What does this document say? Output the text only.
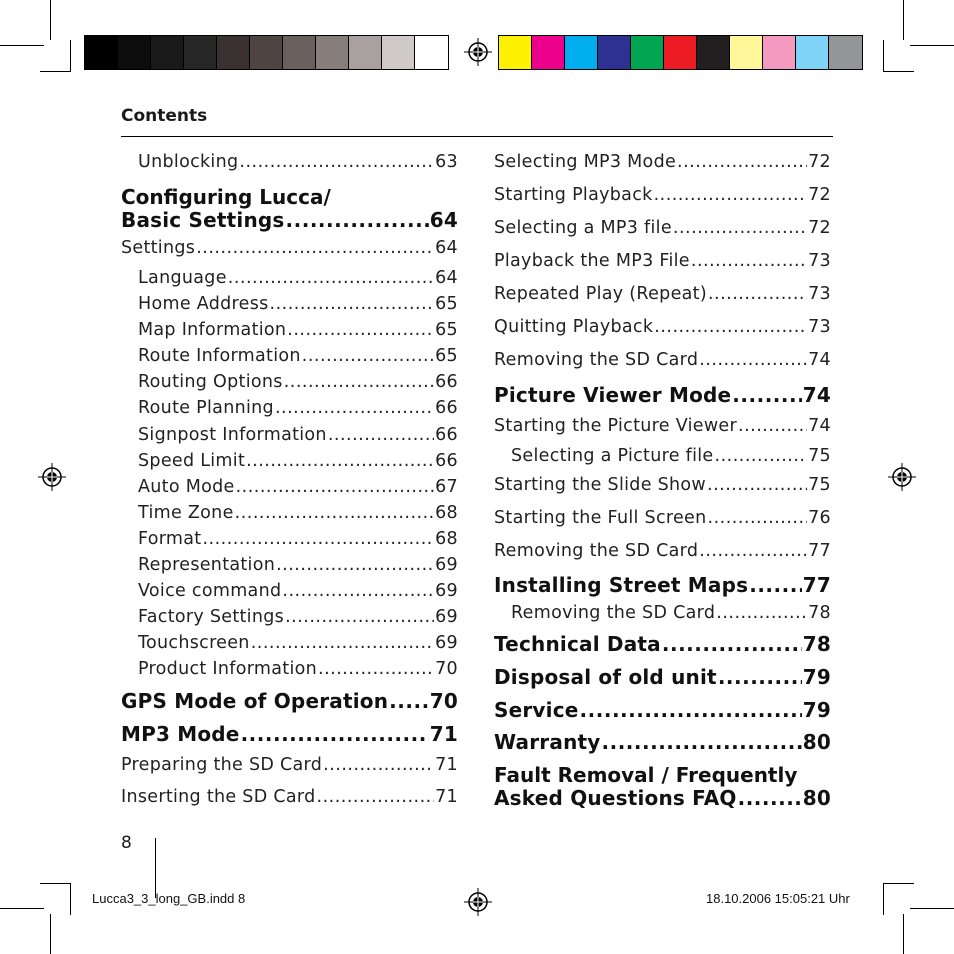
Contents
Unblocking .....	63
Configuring Lucca/
Basic Settings .....	64
Settings .....	64
Language .....	64
Home Address .....	65
Map Information .....	65
Route Information .....	65
Routing Options .....	66
Route Planning .....	66
Signpost Information .....	66
Speed Limit .....	66
Auto Mode .....	67
Time Zone .....	68
Format .....	68
Representation .....	69
Voice command .....	69
Factory Settings .....	69
Touchscreen .....	69
Product Information .....	70
GPS Mode of Operation ..... 70
MP3 Mode .....	71
Preparing the SD Card .....	71
Inserting the SD Card .....	71
Selecting MP3 Mode .....	72
Starting Playback .....	72
Selecting a MP3 file .....	72
Playback the MP3 File .....	73
Repeated Play (Repeat) .....	73
Quitting Playback .....	73
Removing the SD Card .....	74
Picture Viewer Mode .....	74
Starting the Picture Viewer .....	74
Selecting a Picture file .....	75
Starting the Slide Show .....	75
Starting the Full Screen .....	76
Removing the SD Card .....	77
Installing Street Maps .....	77
Removing the SD Card .....	78
Technical Data .....	78
Disposal of old unit .....	79
Service .....	79
Warranty .....	80
Fault Removal / Frequently
Asked Questions FAQ .....	80
8
Lucca3_3_long_GB.indd 8	18.10.2006 15:05:21 Uhr
